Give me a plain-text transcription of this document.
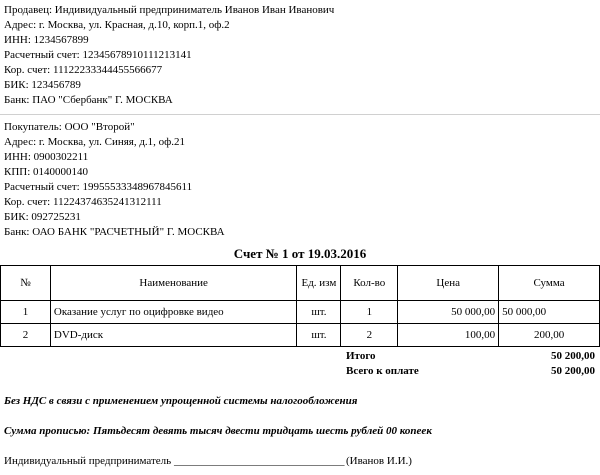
Продавец: Индивидуальный предприниматель Иванов Иван Иванович
Адрес: г. Москва, ул. Красная, д.10, корп.1, оф.2
ИНН: 1234567899
Расчетный счет: 12345678910111213141
Кор. счет: 11122233344455566677
БИК: 123456789
Банк: ПАО "Сбербанк" Г. МОСКВА
Покупатель: ООО "Второй"
Адрес: г. Москва, ул. Синяя, д.1, оф.21
ИНН: 0900302211
КПП: 0140000140
Расчетный счет: 19955533348967845611
Кор. счет: 11224374635241312111
БИК: 092725231
Банк: ОАО БАНК "РАСЧЕТНЫЙ" Г. МОСКВА
Счет № 1 от 19.03.2016
№	Наименование	Ед. изм	Кол-во	Цена	Сумма
1	Оказание услуг по оцифровке видео	шт.	1	50 000,00	50 000,00
2	DVD-диск	шт.	2	100,00	200,00
Итого	50 200,00
Всего к оплате	50 200,00
Без НДС в связи с применением упрощенной системы налогообложения
Сумма прописью: Пятьдесят девять тысяч двести тридцать шесть рублей 00 копеек
Индивидуальный предприниматель _______________________________ (Иванов И.И.)
